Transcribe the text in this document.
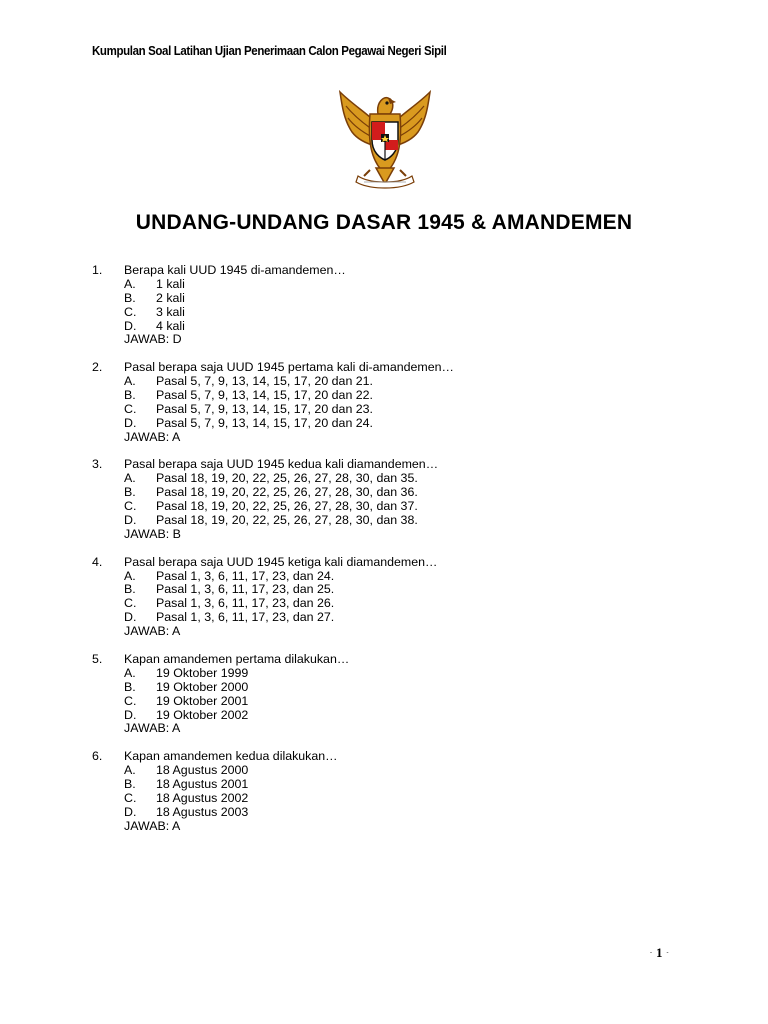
Kumpulan Soal Latihan Ujian Penerimaan Calon Pegawai Negeri Sipil
UNDANG-UNDANG DASAR 1945 & AMANDEMEN
1.	Berapa kali UUD 1945 di-amandemen…
A.	1 kali
B.	2 kali
C.	3 kali
D.	4 kali
JAWAB: D
2.	Pasal berapa saja UUD 1945 pertama kali di-amandemen…
A.	Pasal 5, 7, 9, 13, 14, 15, 17, 20 dan 21.
B.	Pasal 5, 7, 9, 13, 14, 15, 17, 20 dan 22.
C.	Pasal 5, 7, 9, 13, 14, 15, 17, 20 dan 23.
D.	Pasal 5, 7, 9, 13, 14, 15, 17, 20 dan 24.
JAWAB: A
3.	Pasal berapa saja UUD 1945 kedua kali diamandemen…
A.	Pasal 18, 19, 20, 22, 25, 26, 27, 28, 30, dan 35.
B.	Pasal 18, 19, 20, 22, 25, 26, 27, 28, 30, dan 36.
C.	Pasal 18, 19, 20, 22, 25, 26, 27, 28, 30, dan 37.
D.	Pasal 18, 19, 20, 22, 25, 26, 27, 28, 30, dan 38.
JAWAB: B
4.	Pasal berapa saja UUD 1945 ketiga kali diamandemen…
A.	Pasal 1, 3, 6, 11, 17, 23, dan 24.
B.	Pasal 1, 3, 6, 11, 17, 23, dan 25.
C.	Pasal 1, 3, 6, 11, 17, 23, dan 26.
D.	Pasal 1, 3, 6, 11, 17, 23, dan 27.
JAWAB: A
5.	Kapan amandemen pertama dilakukan…
A.	19 Oktober 1999
B.	19 Oktober 2000
C.	19 Oktober 2001
D.	19 Oktober 2002
JAWAB: A
6.	Kapan amandemen kedua dilakukan…
A.	18 Agustus 2000
B.	18 Agustus 2001
C.	18 Agustus 2002
D.	18 Agustus 2003
JAWAB: A
- 1 -
